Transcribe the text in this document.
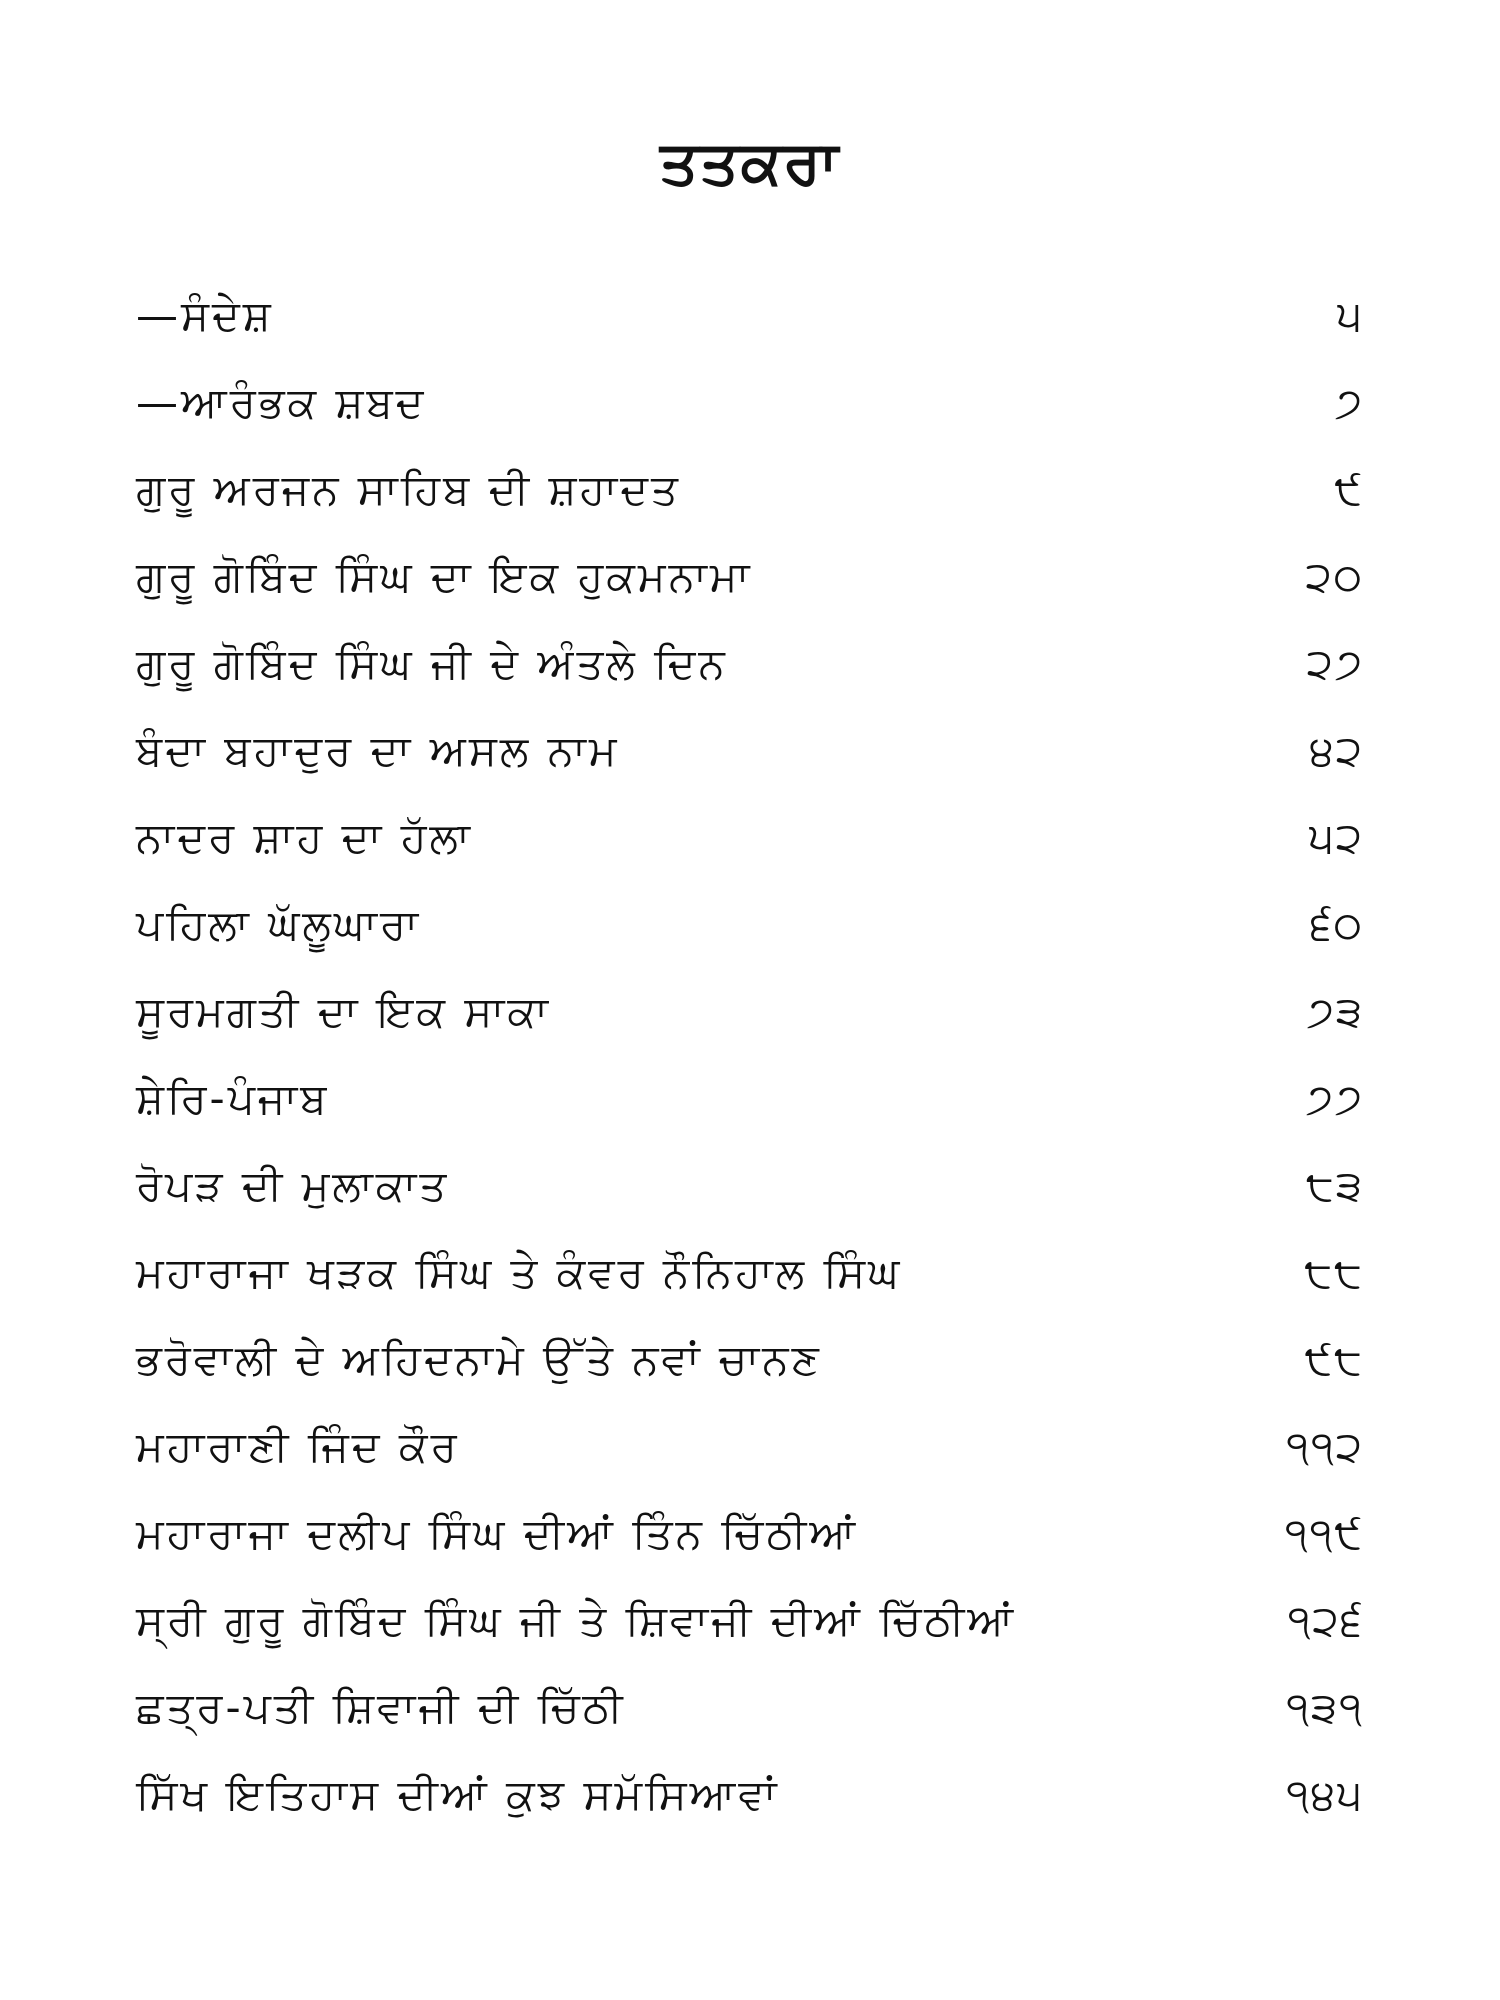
ਤਤਕਰਾ
—ਸੰਦੇਸ਼	੫
—ਆਰੰਭਕ ਸ਼ਬਦ	੭
ਗੁਰੂ ਅਰਜਨ ਸਾਹਿਬ ਦੀ ਸ਼ਹਾਦਤ	੯
ਗੁਰੂ ਗੋਬਿੰਦ ਸਿੰਘ ਦਾ ਇਕ ਹੁਕਮਨਾਮਾ	੨੦
ਗੁਰੂ ਗੋਬਿੰਦ ਸਿੰਘ ਜੀ ਦੇ ਅੰਤਲੇ ਦਿਨ	੨੭
ਬੰਦਾ ਬਹਾਦੁਰ ਦਾ ਅਸਲ ਨਾਮ	੪੨
ਨਾਦਰ ਸ਼ਾਹ ਦਾ ਹੱਲਾ	੫੨
ਪਹਿਲਾ ਘੱਲੂਘਾਰਾ	੬੦
ਸੂਰਮਗਤੀ ਦਾ ਇਕ ਸਾਕਾ	੭੩
ਸ਼ੇਰਿ-ਪੰਜਾਬ	੭੭
ਰੋਪੜ ਦੀ ਮੁਲਾਕਾਤ	੮੩
ਮਹਾਰਾਜਾ ਖੜਕ ਸਿੰਘ ਤੇ ਕੰਵਰ ਨੌਨਿਹਾਲ ਸਿੰਘ	੮੮
ਭਰੋਵਾਲੀ ਦੇ ਅਹਿਦਨਾਮੇ ਉੱਤੇ ਨਵਾਂ ਚਾਨਣ	੯੮
ਮਹਾਰਾਣੀ ਜਿੰਦ ਕੌਰ	੧੧੨
ਮਹਾਰਾਜਾ ਦਲੀਪ ਸਿੰਘ ਦੀਆਂ ਤਿੰਨ ਚਿੱਠੀਆਂ	੧੧੯
ਸ੍ਰੀ ਗੁਰੂ ਗੋਬਿੰਦ ਸਿੰਘ ਜੀ ਤੇ ਸ਼ਿਵਾਜੀ ਦੀਆਂ ਚਿੱਠੀਆਂ	੧੨੬
ਛਤ੍ਰ-ਪਤੀ ਸ਼ਿਵਾਜੀ ਦੀ ਚਿੱਠੀ	੧੩੧
ਸਿੱਖ ਇਤਿਹਾਸ ਦੀਆਂ ਕੁਝ ਸਮੱਸਿਆਵਾਂ	੧੪੫
